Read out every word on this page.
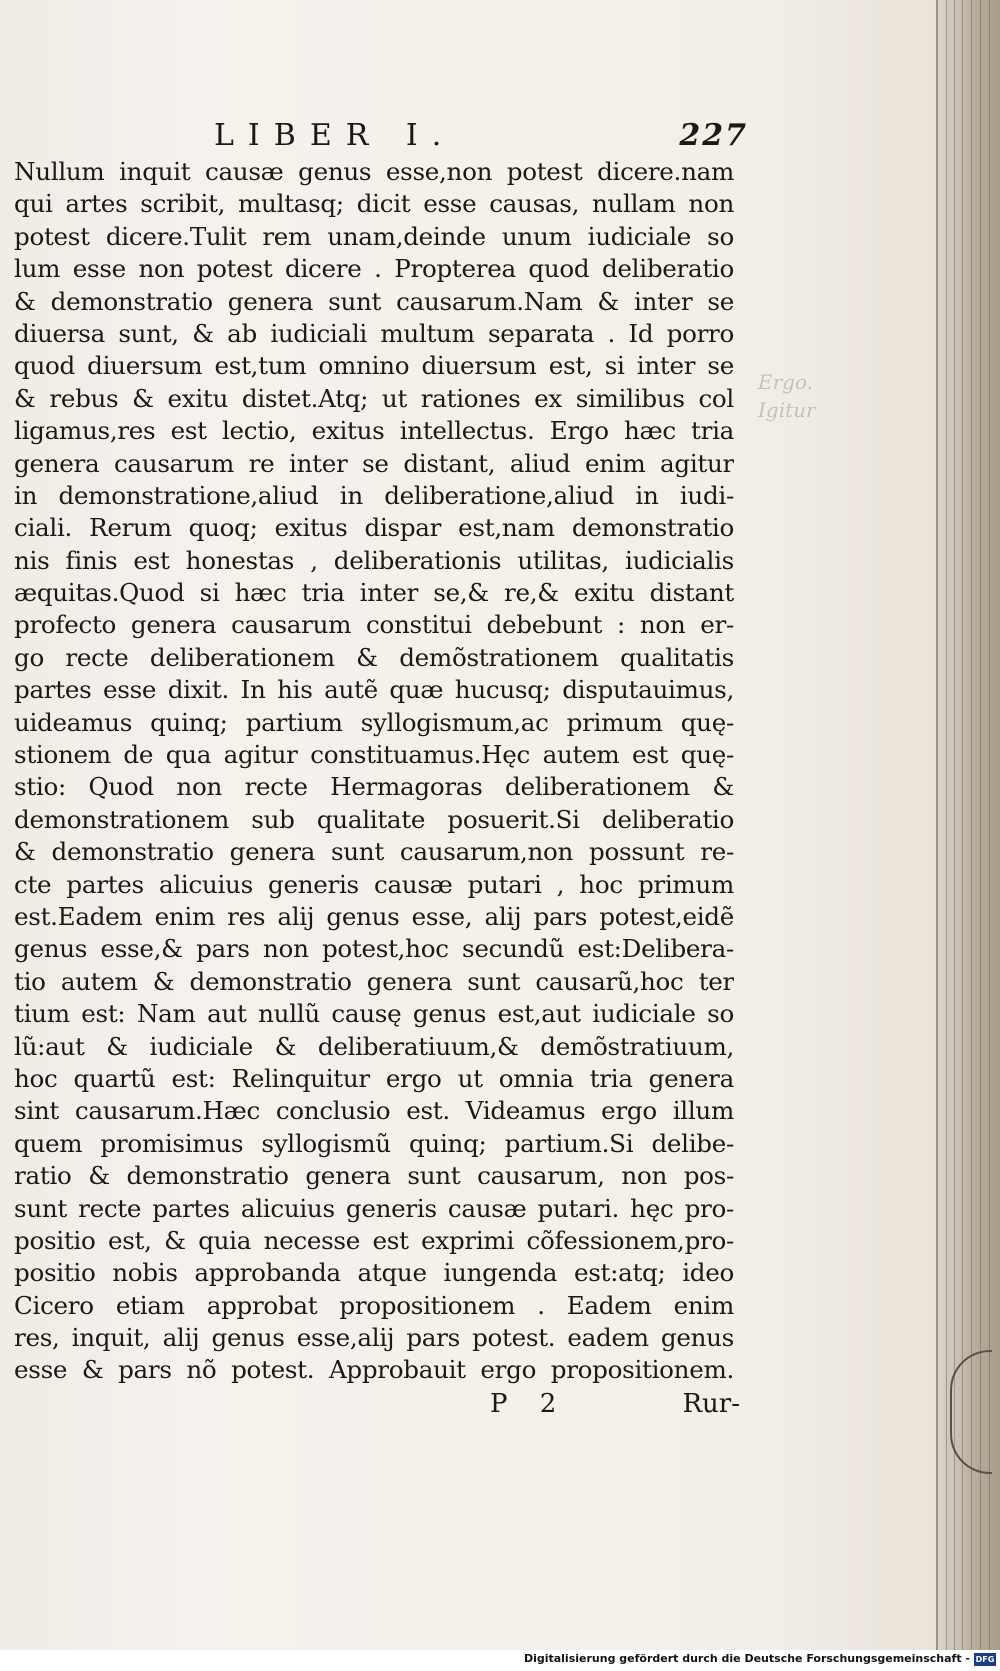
LIBER I.	227
Nullum inquit causæ genus esse,non potest dicere.nam
qui artes scribit, multasq; dicit esse causas, nullam non
potest dicere.Tulit rem unam,deinde unum iudiciale so
lum esse non potest dicere . Propterea quod deliberatio
& demonstratio genera sunt causarum.Nam & inter se
diuersa sunt, & ab iudiciali multum separata . Id porro
quod diuersum est,tum omnino diuersum est, si inter se
& rebus & exitu distet.Atq; ut rationes ex similibus col
ligamus,res est lectio, exitus intellectus. Ergo hæc tria
genera causarum re inter se distant, aliud enim agitur
in demonstratione,aliud in deliberatione,aliud in iudi-
ciali. Rerum quoq; exitus dispar est,nam demonstratio
nis finis est honestas , deliberationis utilitas, iudicialis
æquitas.Quod si hæc tria inter se,& re,& exitu distant
profecto genera causarum constitui debebunt : non er-
go recte deliberationem & demõstrationem qualitatis
partes esse dixit. In his autẽ quæ hucusq; disputauimus,
uideamus quinq; partium syllogismum,ac primum quę-
stionem de qua agitur constituamus.Hęc autem est quę-
stio: Quod non recte Hermagoras deliberationem &
demonstrationem sub qualitate posuerit.Si deliberatio
& demonstratio genera sunt causarum,non possunt re-
cte partes alicuius generis causæ putari , hoc primum
est.Eadem enim res alij genus esse, alij pars potest,eidẽ
genus esse,& pars non potest,hoc secundũ est:Delibera-
tio autem & demonstratio genera sunt causarũ,hoc ter
tium est: Nam aut nullũ causę genus est,aut iudiciale so
lũ:aut & iudiciale & deliberatiuum,& demõstratiuum,
hoc quartũ est: Relinquitur ergo ut omnia tria genera
sint causarum.Hæc conclusio est. Videamus ergo illum
quem promisimus syllogismũ quinq; partium.Si delibe-
ratio & demonstratio genera sunt causarum, non pos-
sunt recte partes alicuius generis causæ putari. hęc pro-
positio est, & quia necesse est exprimi cõfessionem,pro-
positio nobis approbanda atque iungenda est:atq; ideo
Cicero etiam approbat propositionem . Eadem enim
res, inquit, alij genus esse,alij pars potest. eadem genus
esse & pars nõ potest. Approbauit ergo propositionem.
P 2	Rur-
Ergo. Igitur
Digitalisierung gefördert durch die Deutsche Forschungsgemeinschaft - DFG
